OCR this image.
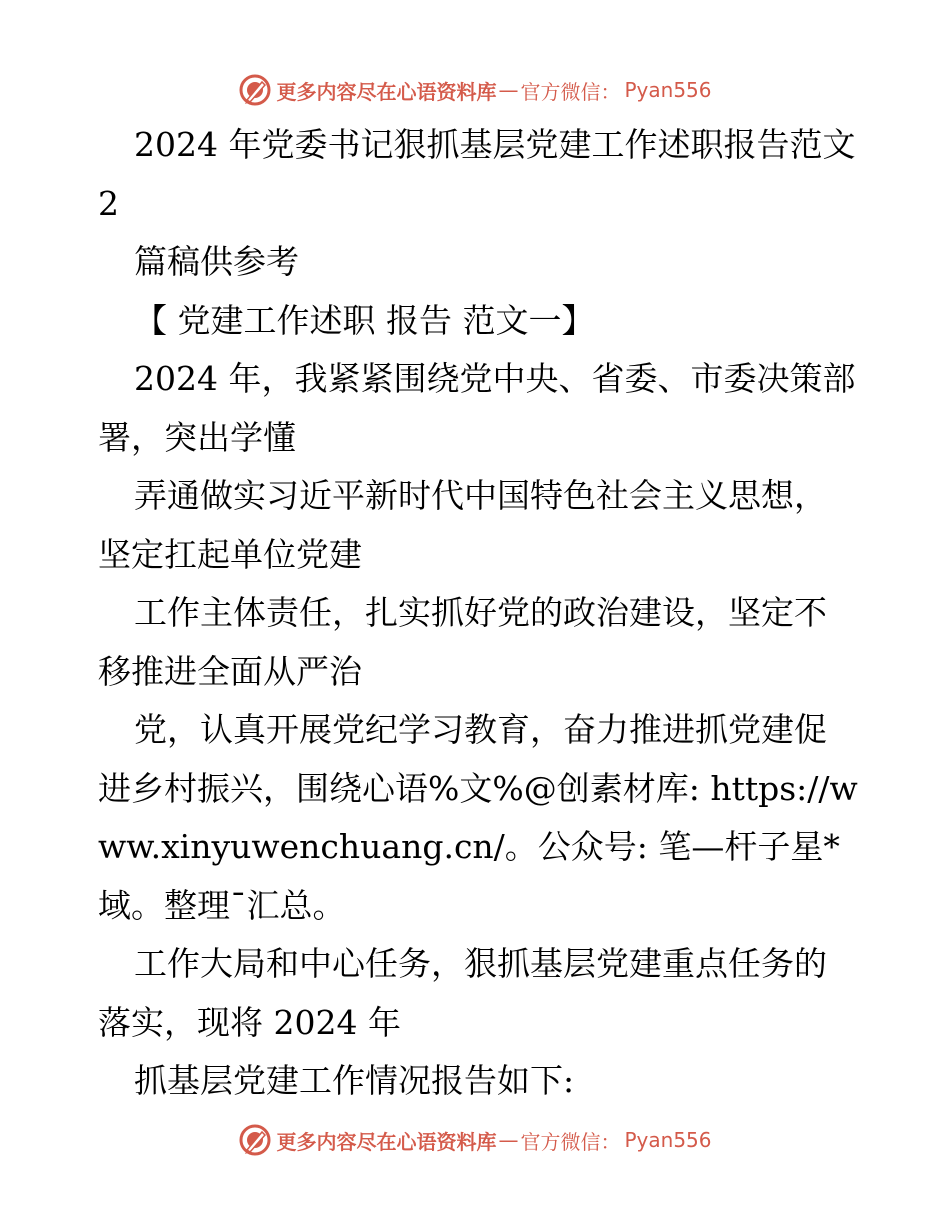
更多内容尽在心语资料库 — 官方微信： Pyan556

2024 年党委书记狠抓基层党建工作述职报告范文 2

篇稿供参考

【 党建工作述职 报告 范文一】

2024 年，我紧紧围绕党中央、省委、市委决策部署，突出学懂

弄通做实习近平新时代中国特色社会主义思想，坚定扛起单位党建

工作主体责任，扎实抓好党的政治建设，坚定不移推进全面从严治

党，认真开展党纪学习教育，奋力推进抓党建促进乡村振兴，围绕心语%文%@创素材库: https://www.xinyuwenchuang.cn/。公众号: 笔—杆子星*域。整理¯汇总。

工作大局和中心任务，狠抓基层党建重点任务的落实，现将 2024 年

抓基层党建工作情况报告如下:

更多内容尽在心语资料库 — 官方微信： Pyan556
